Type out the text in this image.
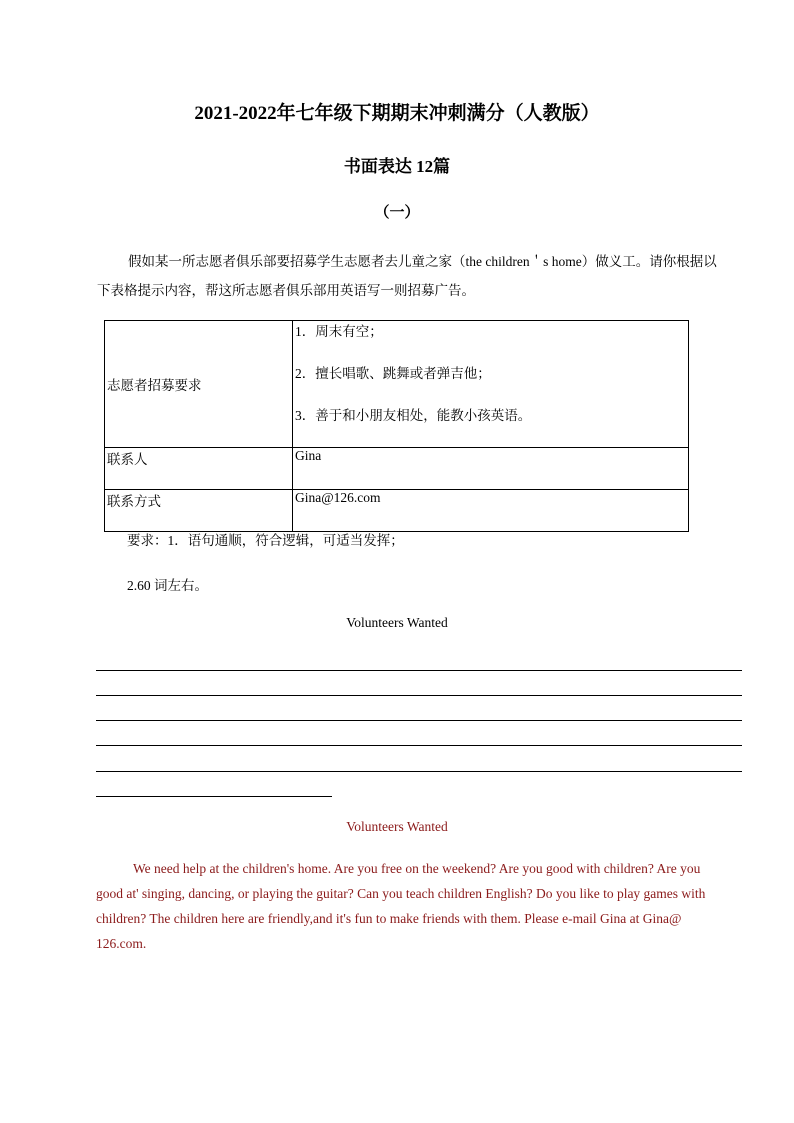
2021-2022年七年级下期期末冲刺满分（人教版）
书面表达 12篇
（一）
假如某一所志愿者俱乐部要招募学生志愿者去儿童之家（the children＇s home）做义工。请你根据以下表格提示内容，帮这所志愿者俱乐部用英语写一则招募广告。
志愿者招募要求	1．周末有空；
2．擅长唱歌、跳舞或者弹吉他；
3．善于和小朋友相处，能教小孩英语。

联系人	Gina
联系方式	Gina@126.com
要求：1．语句通顺，符合逻辑，可适当发挥；
2.60 词左右。
Volunteers Wanted
Volunteers Wanted
We need help at the children's home. Are you free on the weekend? Are you good with children? Are you good at' singing, dancing, or playing the guitar? Can you teach children English? Do you like to play games with children? The children here are friendly,and it's fun to make friends with them. Please e-mail Gina at Gina@ 126.com.
